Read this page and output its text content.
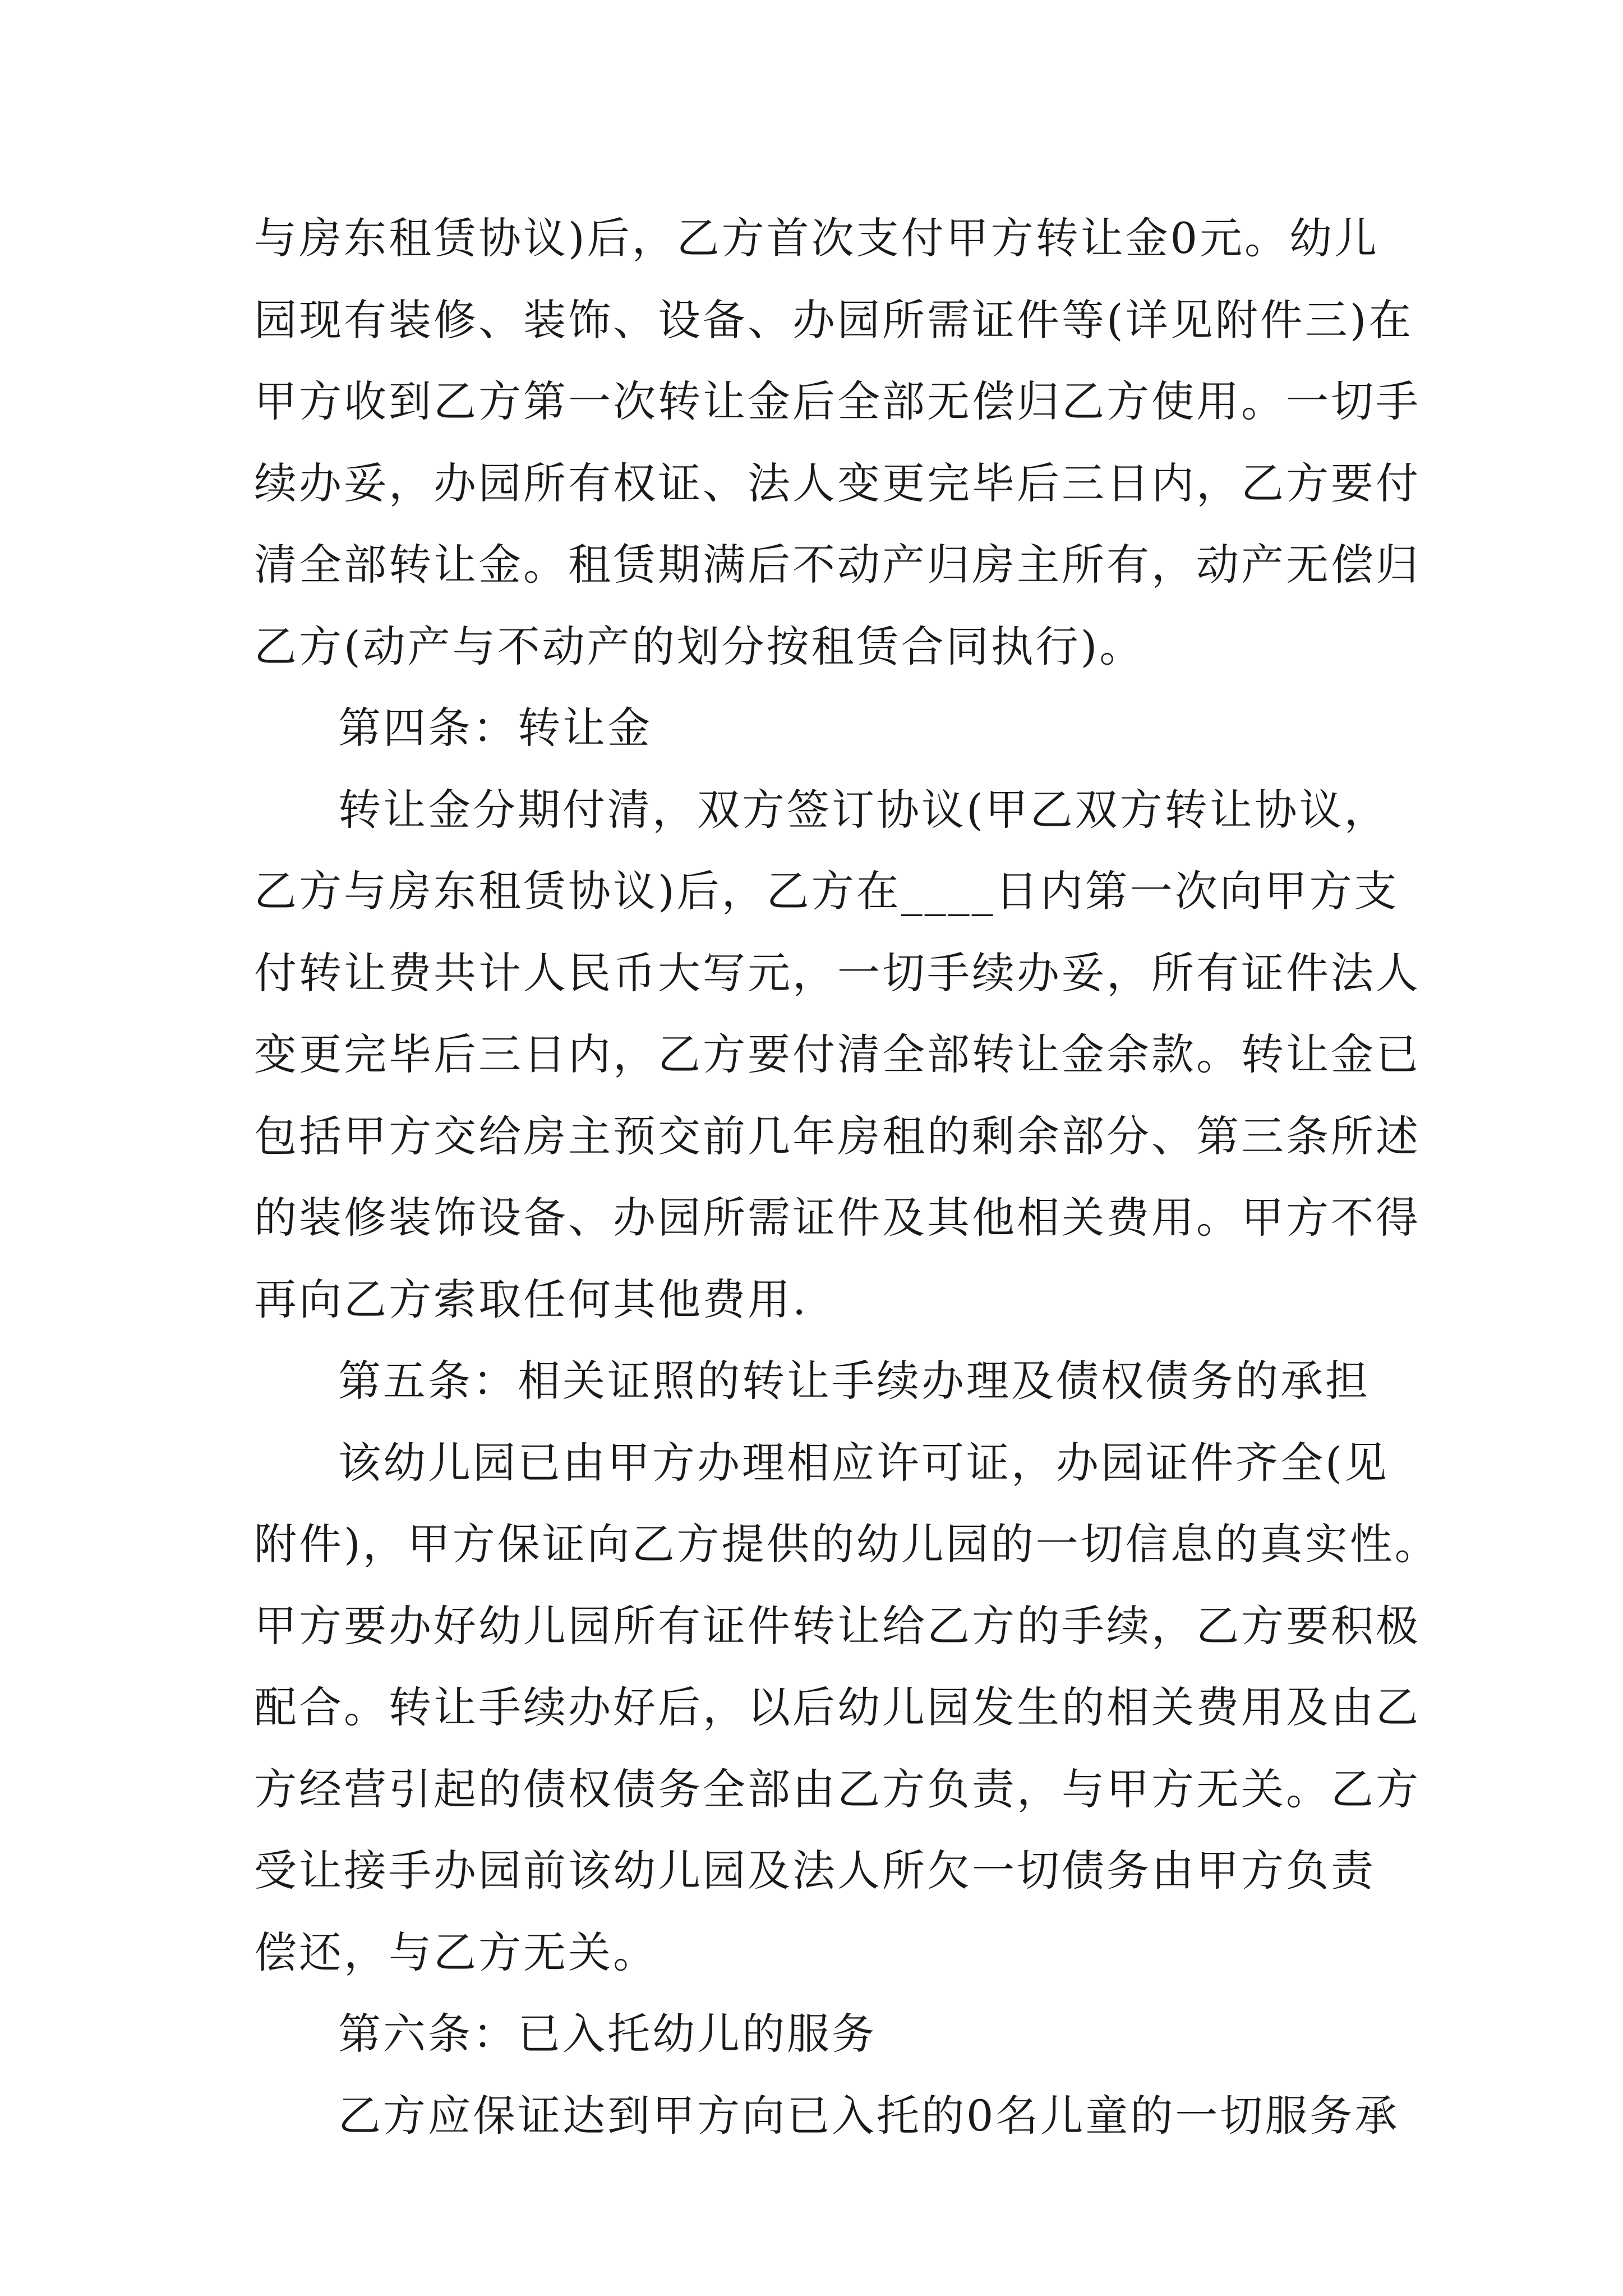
与房东租赁协议)后，乙方首次支付甲方转让金0元。幼儿
园现有装修、装饰、设备、办园所需证件等(详见附件三)在
甲方收到乙方第一次转让金后全部无偿归乙方使用。一切手
续办妥，办园所有权证、法人变更完毕后三日内，乙方要付
清全部转让金。租赁期满后不动产归房主所有，动产无偿归
乙方(动产与不动产的划分按租赁合同执行)。
第四条：转让金
转让金分期付清，双方签订协议(甲乙双方转让协议，
乙方与房东租赁协议)后，乙方在____日内第一次向甲方支
付转让费共计人民币大写元，一切手续办妥，所有证件法人
变更完毕后三日内，乙方要付清全部转让金余款。转让金已
包括甲方交给房主预交前几年房租的剩余部分、第三条所述
的装修装饰设备、办园所需证件及其他相关费用。甲方不得
再向乙方索取任何其他费用.
第五条：相关证照的转让手续办理及债权债务的承担
该幼儿园已由甲方办理相应许可证，办园证件齐全(见
附件)，甲方保证向乙方提供的幼儿园的一切信息的真实性。
甲方要办好幼儿园所有证件转让给乙方的手续，乙方要积极
配合。转让手续办好后，以后幼儿园发生的相关费用及由乙
方经营引起的债权债务全部由乙方负责，与甲方无关。乙方
受让接手办园前该幼儿园及法人所欠一切债务由甲方负责
偿还，与乙方无关。
第六条：已入托幼儿的服务
乙方应保证达到甲方向已入托的0名儿童的一切服务承
